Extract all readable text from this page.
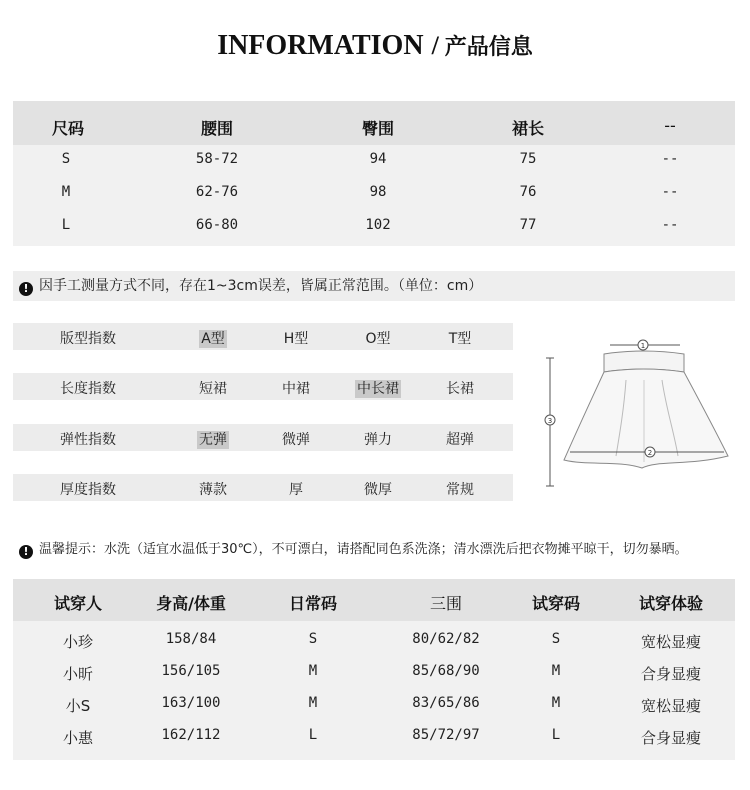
INFORMATION / 产品信息
尺码	腰围	臀围	裙长	--
S	58-72	94	75	--
M	62-76	98	76	--
L	66-80	102	77	--
! 因手工测量方式不同，存在1~3cm误差，皆属正常范围。（单位：cm）
版型指数	A型	H型	O型	T型
长度指数	短裙	中裙	中长裙	长裙
弹性指数	无弹	微弹	弹力	超弹
厚度指数	薄款	厚	微厚	常规
1
3
2
! 温馨提示：水洗（适宜水温低于30℃），不可漂白，请搭配同色系洗涤；清水漂洗后把衣物摊平晾干，切勿暴晒。
试穿人	身高/体重	日常码	三围	试穿码	试穿体验
小珍	158/84	S	80/62/82	S	宽松显瘦
小昕	156/105	M	85/68/90	M	合身显瘦
小S	163/100	M	83/65/86	M	宽松显瘦
小惠	162/112	L	85/72/97	L	合身显瘦
